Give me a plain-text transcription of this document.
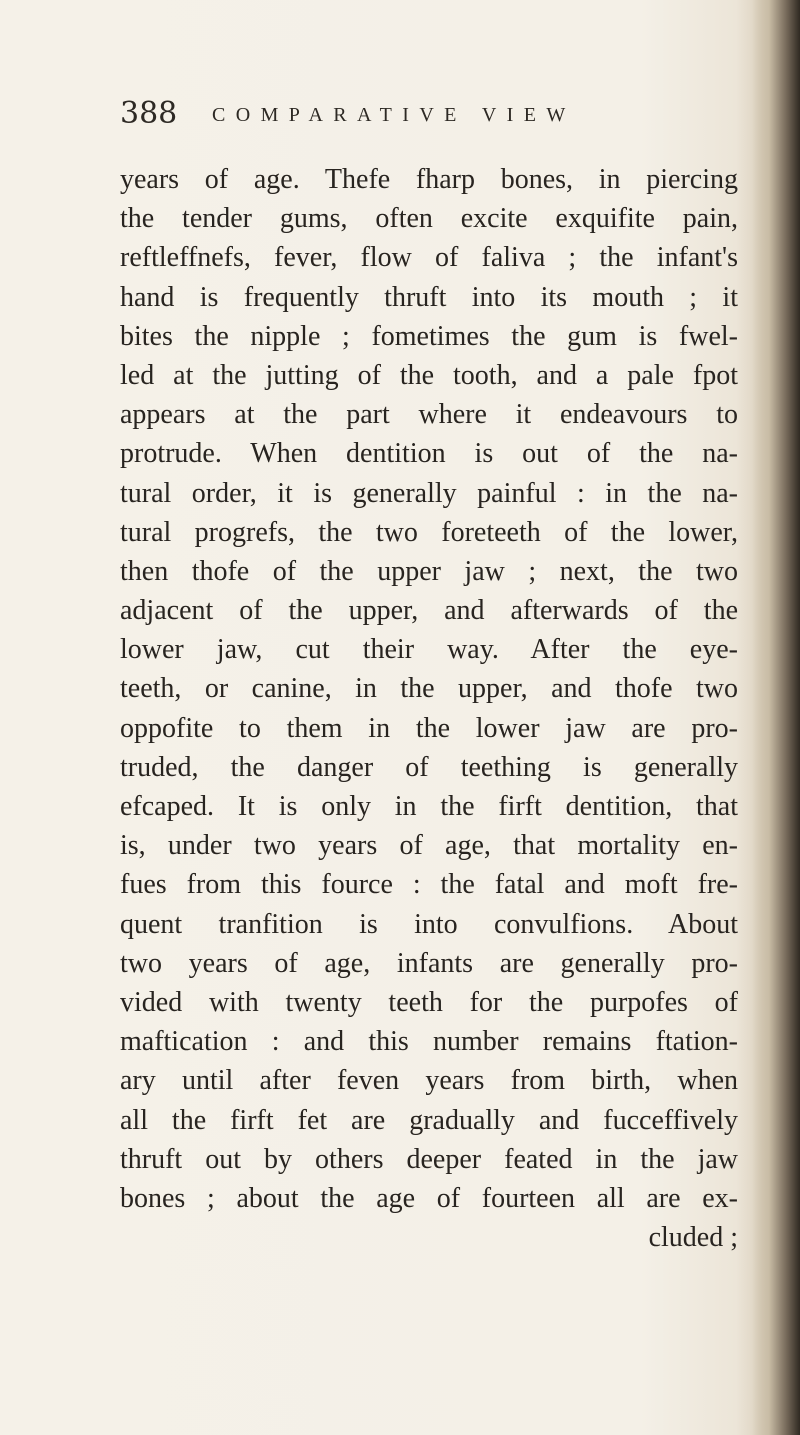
388 COMPARATIVE VIEW
years of age. Thefe fharp bones, in piercing
the tender gums, often excite exquifite pain,
reftleffnefs, fever, flow of faliva ; the infant's
hand is frequently thruft into its mouth ; it
bites the nipple ; fometimes the gum is fwel-
led at the jutting of the tooth, and a pale fpot
appears at the part where it endeavours to
protrude. When dentition is out of the na-
tural order, it is generally painful : in the na-
tural progrefs, the two foreteeth of the lower,
then thofe of the upper jaw ; next, the two
adjacent of the upper, and afterwards of the
lower jaw, cut their way. After the eye-
teeth, or canine, in the upper, and thofe two
oppofite to them in the lower jaw are pro-
truded, the danger of teething is generally
efcaped. It is only in the firft dentition, that
is, under two years of age, that mortality en-
fues from this fource : the fatal and moft fre-
quent tranfition is into convulfions. About
two years of age, infants are generally pro-
vided with twenty teeth for the purpofes of
maftication : and this number remains ftation-
ary until after feven years from birth, when
all the firft fet are gradually and fucceffively
thruft out by others deeper feated in the jaw
bones ; about the age of fourteen all are ex-
cluded ;
